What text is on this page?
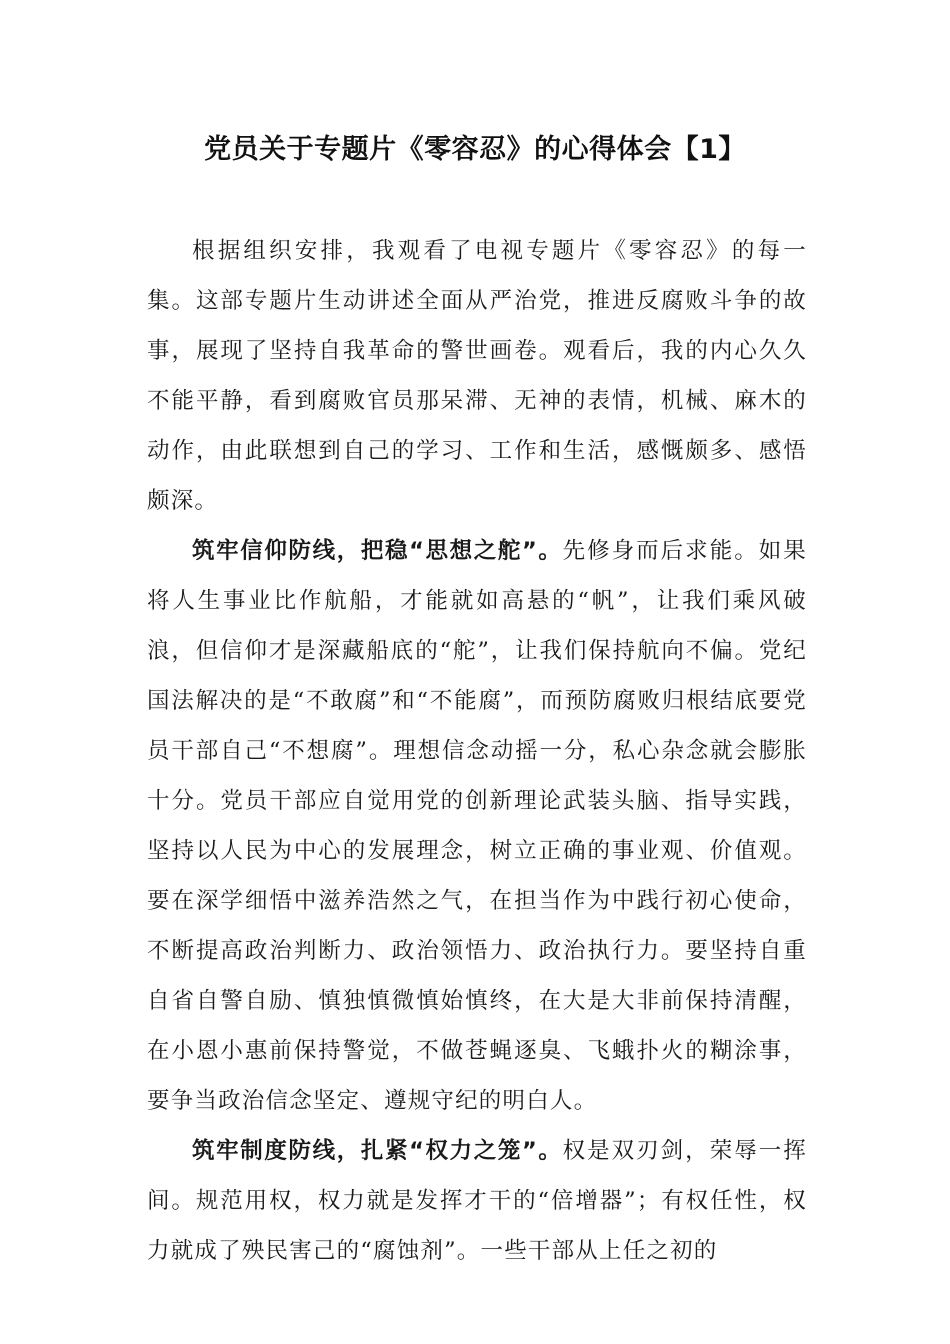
党员关于专题片《零容忍》的心得体会【1】

根据组织安排，我观看了电视专题片《零容忍》的每一集。这部专题片生动讲述全面从严治党，推进反腐败斗争的故事，展现了坚持自我革命的警世画卷。观看后，我的内心久久不能平静，看到腐败官员那呆滞、无神的表情，机械、麻木的动作，由此联想到自己的学习、工作和生活，感慨颇多、感悟颇深。

筑牢信仰防线，把稳“思想之舵”。先修身而后求能。如果将人生事业比作航船，才能就如高悬的“帆”，让我们乘风破浪，但信仰才是深藏船底的“舵”，让我们保持航向不偏。党纪国法解决的是“不敢腐”和“不能腐”，而预防腐败归根结底要党员干部自己“不想腐”。理想信念动摇一分，私心杂念就会膨胀十分。党员干部应自觉用党的创新理论武装头脑、指导实践，坚持以人民为中心的发展理念，树立正确的事业观、价值观。要在深学细悟中滋养浩然之气，在担当作为中践行初心使命，不断提高政治判断力、政治领悟力、政治执行力。要坚持自重自省自警自励、慎独慎微慎始慎终，在大是大非前保持清醒，在小恩小惠前保持警觉，不做苍蝇逐臭、飞蛾扑火的糊涂事，要争当政治信念坚定、遵规守纪的明白人。

筑牢制度防线，扎紧“权力之笼”。权是双刃剑，荣辱一挥间。规范用权，权力就是发挥才干的“倍增器”；有权任性，权力就成了殃民害己的“腐蚀剂”。一些干部从上任之初的
